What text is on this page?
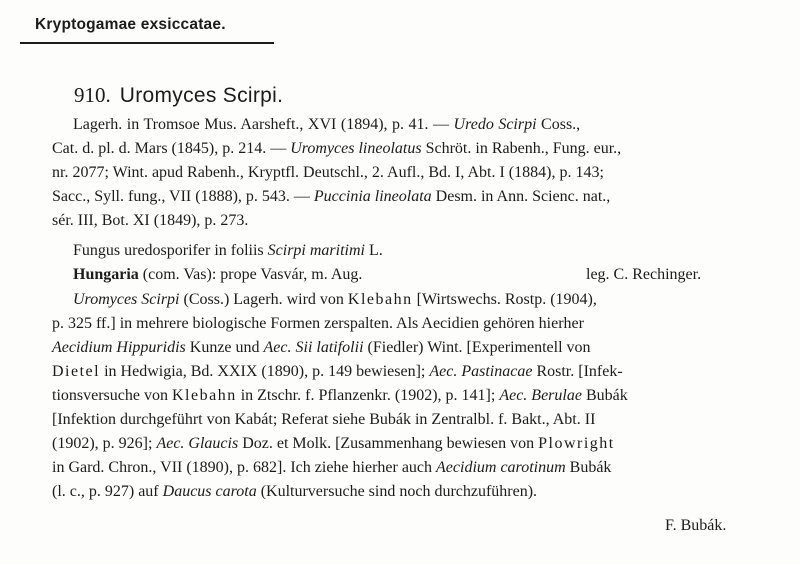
Kryptogamae exsiccatae.
910. Uromyces Scirpi.
Lagerh. in Tromsoe Mus. Aarsheft., XVI (1894), p. 41. — Uredo Scirpi Coss.,
Cat. d. pl. d. Mars (1845), p. 214. — Uromyces lineolatus Schröt. in Rabenh., Fung. eur.,
nr. 2077; Wint. apud Rabenh., Kryptfl. Deutschl., 2. Aufl., Bd. I, Abt. I (1884), p. 143;
Sacc., Syll. fung., VII (1888), p. 543. — Puccinia lineolata Desm. in Ann. Scienc. nat.,
sér. III, Bot. XI (1849), p. 273.
Fungus uredosporifer in foliis Scirpi maritimi L.
Hungaria (com. Vas): prope Vasvár, m. Aug.	leg. C. Rechinger.
Uromyces Scirpi (Coss.) Lagerh. wird von Klebahn [Wirtswechs. Rostp. (1904),
p. 325 ff.] in mehrere biologische Formen zerspalten. Als Aecidien gehören hierher
Aecidium Hippuridis Kunze und Aec. Sii latifolii (Fiedler) Wint. [Experimentell von
Dietel in Hedwigia, Bd. XXIX (1890), p. 149 bewiesen]; Aec. Pastinacae Rostr. [Infek-
tionsversuche von Klebahn in Ztschr. f. Pflanzenkr. (1902), p. 141]; Aec. Berulae Bubák
[Infektion durchgeführt von Kabát; Referat siehe Bubák in Zentralbl. f. Bakt., Abt. II
(1902), p. 926]; Aec. Glaucis Doz. et Molk. [Zusammenhang bewiesen von Plowright
in Gard. Chron., VII (1890), p. 682]. Ich ziehe hierher auch Aecidium carotinum Bubák
(l. c., p. 927) auf Daucus carota (Kulturversuche sind noch durchzuführen).
F. Bubák.
